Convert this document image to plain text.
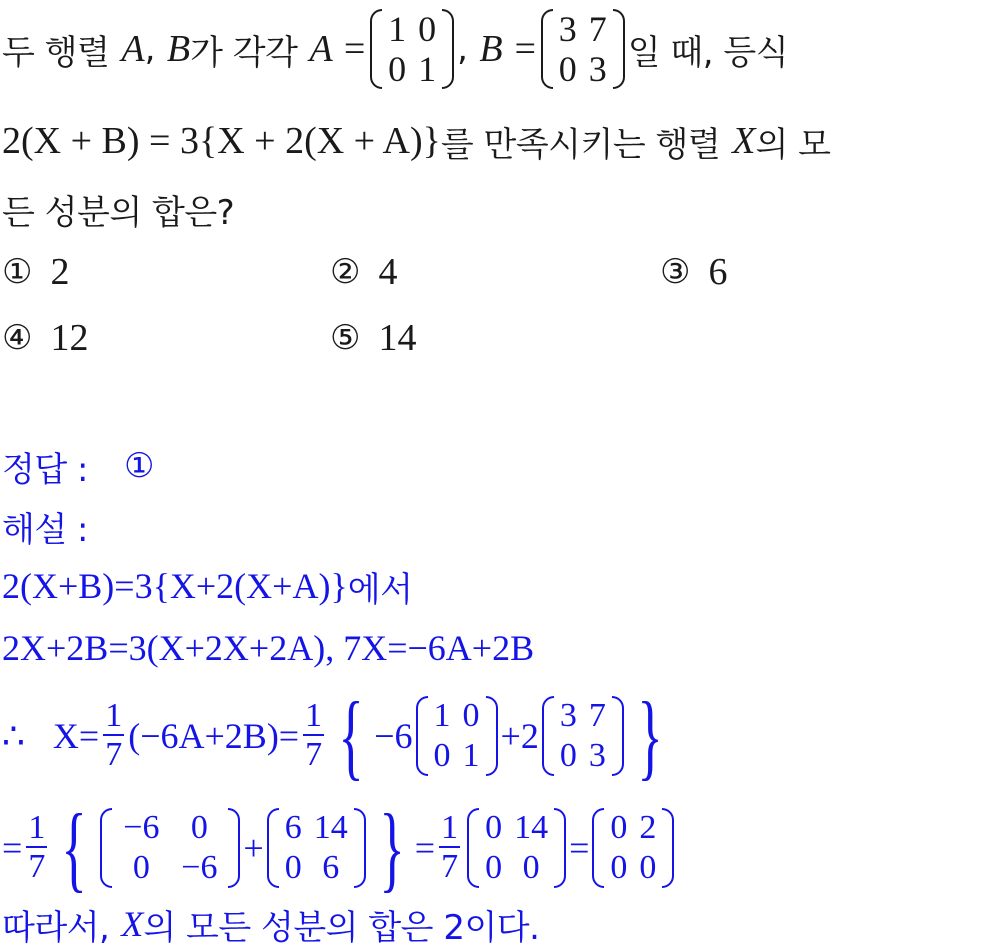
두 행렬 A , B 가 각각 A = 1	0
0	1 , B = 3	7
0	3 일 때, 등식
2(X + B) = 3{X + 2(X + A)} 를 만족시키는 행렬 X 의 모
든 성분의 합은?
① 2	② 4	③ 6
④ 12	⑤ 14
정답 : ①
해설 :
2(X+B)=3{X+2(X+A)} 에서
2X+2B=3(X+2X+2A), 7X=−6A+2B
∴ $X= \frac{1}{7} (-6A+2B)= \frac{1}{7}$ { −6
1	0
0	1 +2
3	7
0	3 }
= $\frac{1}{7}$ { −6	0
0	−6 +
6	14
0	6 } = $\frac{1}{7} 0$	14
0	0 =
0	2
0	0
따라서, X 의 모든 성분의 합은 2이다.
